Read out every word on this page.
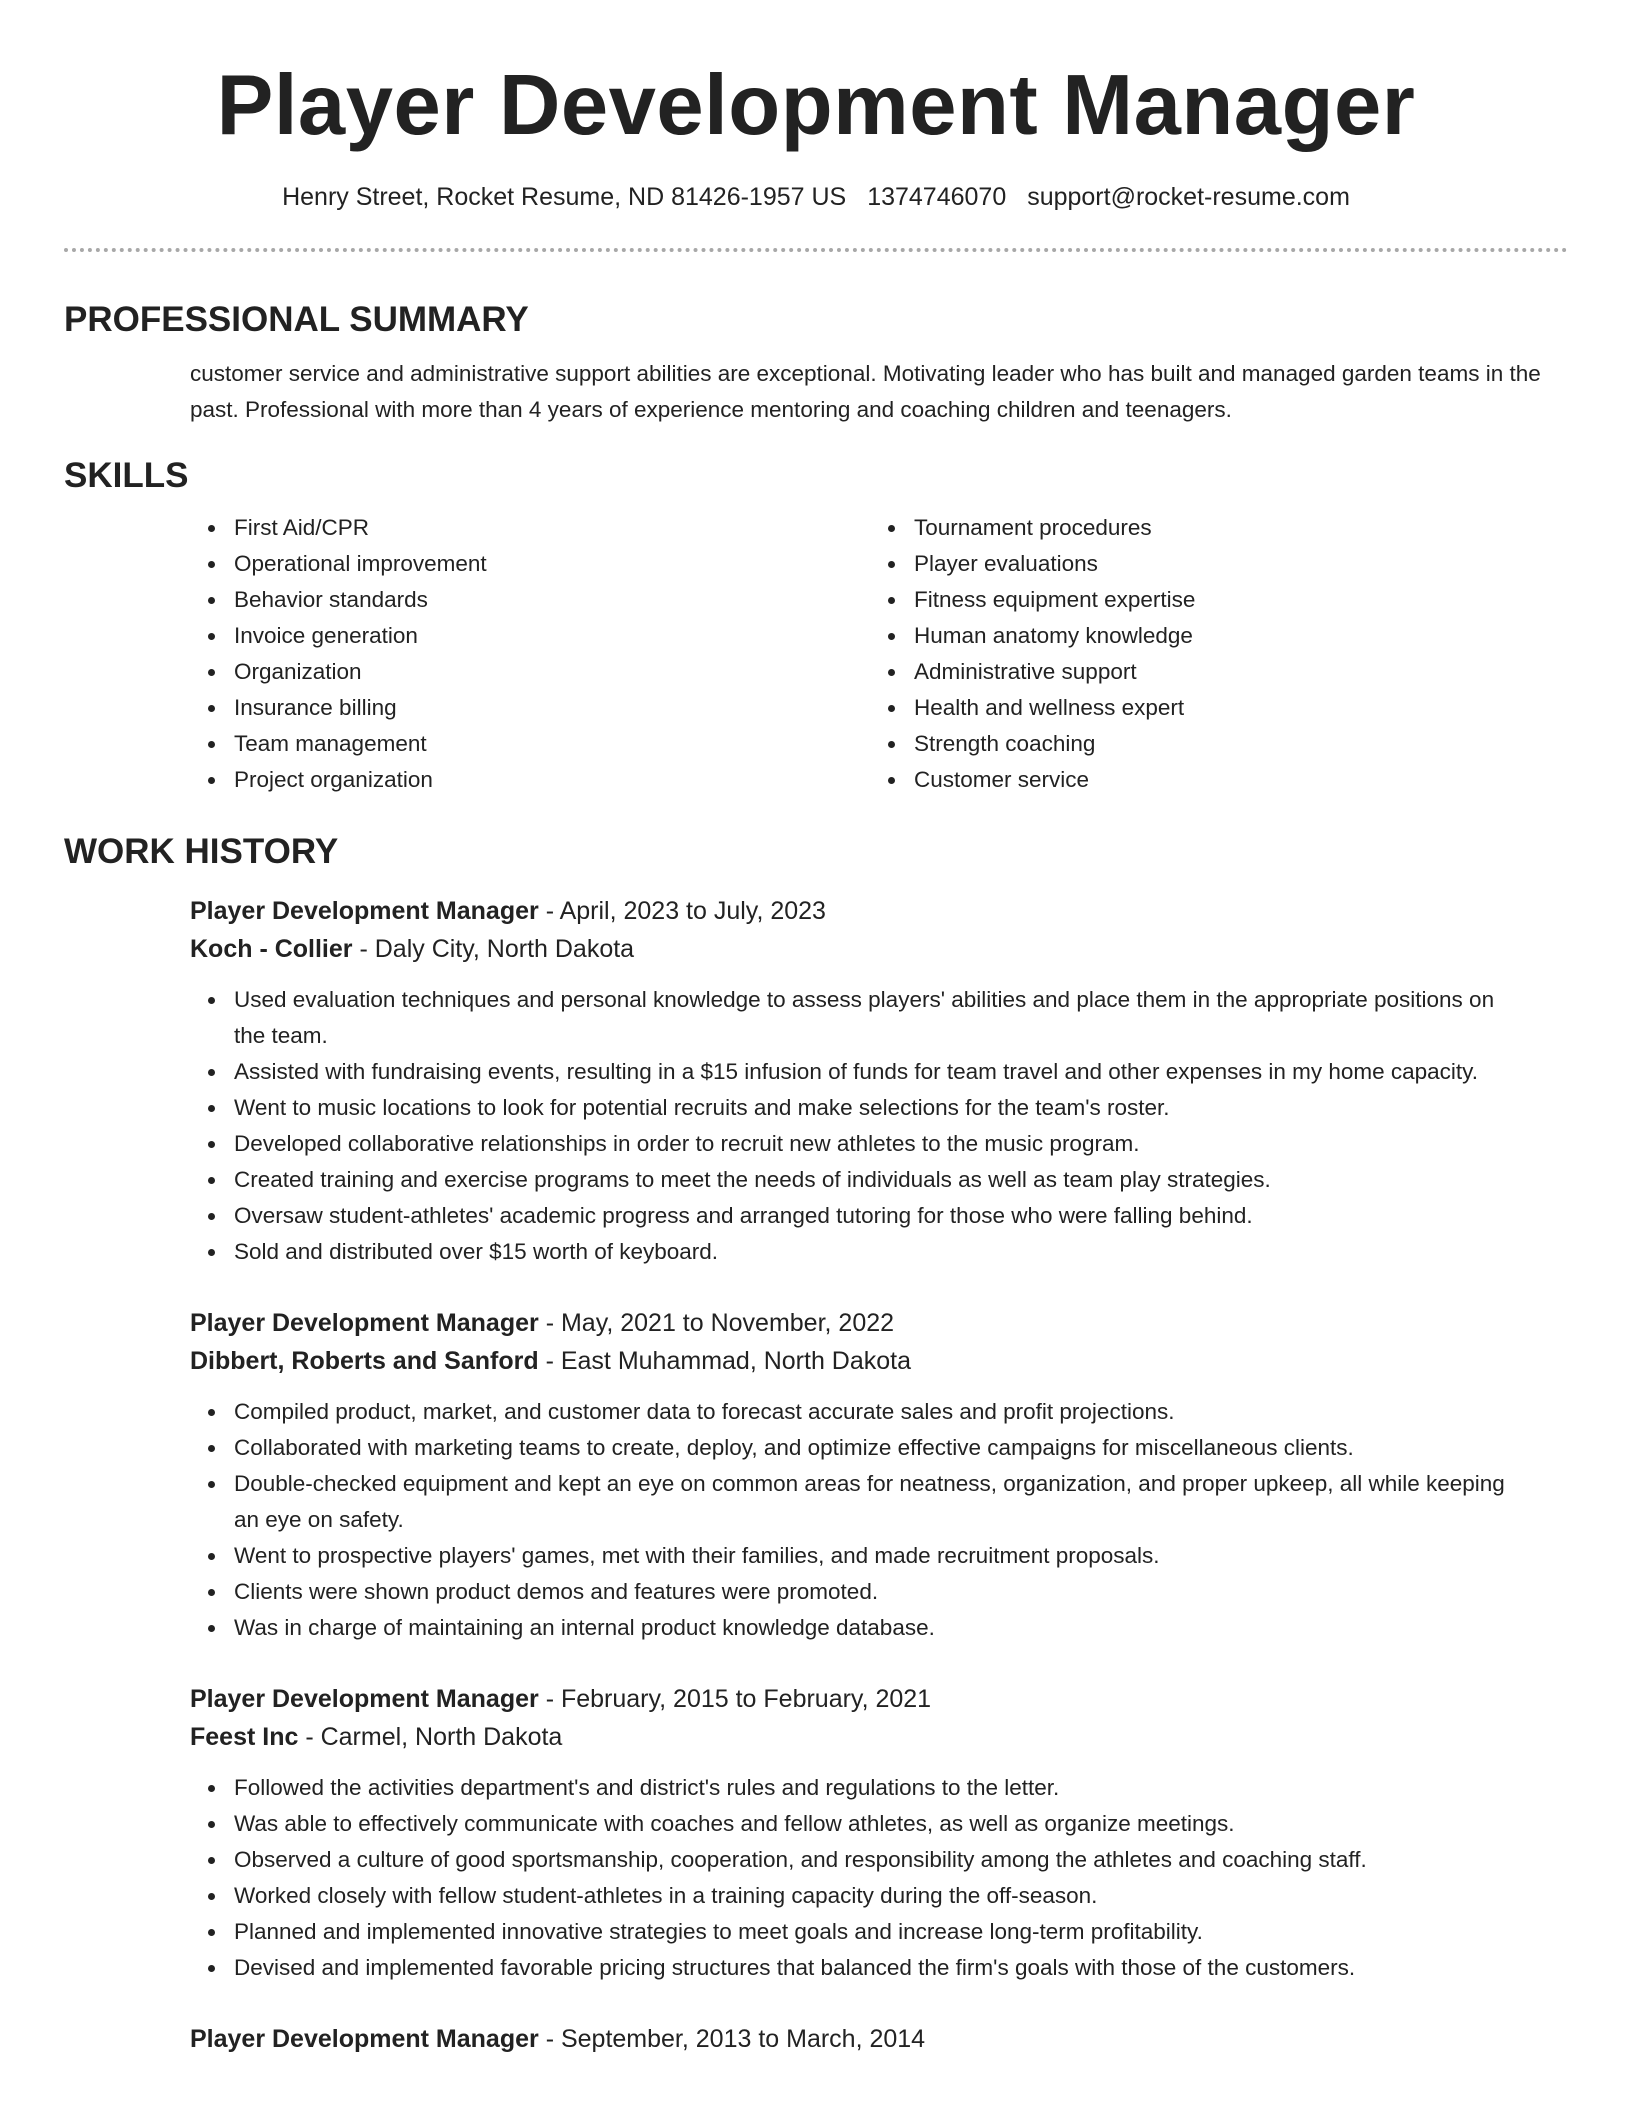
Player Development Manager
Henry Street, Rocket Resume, ND 81426-1957 US 1374746070 support@rocket-resume.com
PROFESSIONAL SUMMARY

customer service and administrative support abilities are exceptional. Motivating leader who has built and managed garden teams in the past. Professional with more than 4 years of experience mentoring and coaching children and teenagers.

SKILLS
First Aid/CPR
Operational improvement
Behavior standards
Invoice generation
Organization
Insurance billing
Team management
Project organization
Tournament procedures
Player evaluations
Fitness equipment expertise
Human anatomy knowledge
Administrative support
Health and wellness expert
Strength coaching
Customer service
WORK HISTORY
Player Development Manager - April, 2023 to July, 2023
Koch - Collier - Daly City, North Dakota
Used evaluation techniques and personal knowledge to assess players' abilities and place them in the appropriate positions on the team.
Assisted with fundraising events, resulting in a $15 infusion of funds for team travel and other expenses in my home capacity.
Went to music locations to look for potential recruits and make selections for the team's roster.
Developed collaborative relationships in order to recruit new athletes to the music program.
Created training and exercise programs to meet the needs of individuals as well as team play strategies.
Oversaw student-athletes' academic progress and arranged tutoring for those who were falling behind.
Sold and distributed over $15 worth of keyboard.
Player Development Manager - May, 2021 to November, 2022
Dibbert, Roberts and Sanford - East Muhammad, North Dakota
Compiled product, market, and customer data to forecast accurate sales and profit projections.
Collaborated with marketing teams to create, deploy, and optimize effective campaigns for miscellaneous clients.
Double-checked equipment and kept an eye on common areas for neatness, organization, and proper upkeep, all while keeping an eye on safety.
Went to prospective players' games, met with their families, and made recruitment proposals.
Clients were shown product demos and features were promoted.
Was in charge of maintaining an internal product knowledge database.
Player Development Manager - February, 2015 to February, 2021
Feest Inc - Carmel, North Dakota
Followed the activities department's and district's rules and regulations to the letter.
Was able to effectively communicate with coaches and fellow athletes, as well as organize meetings.
Observed a culture of good sportsmanship, cooperation, and responsibility among the athletes and coaching staff.
Worked closely with fellow student-athletes in a training capacity during the off-season.
Planned and implemented innovative strategies to meet goals and increase long-term profitability.
Devised and implemented favorable pricing structures that balanced the firm's goals with those of the customers.
Player Development Manager - September, 2013 to March, 2014
